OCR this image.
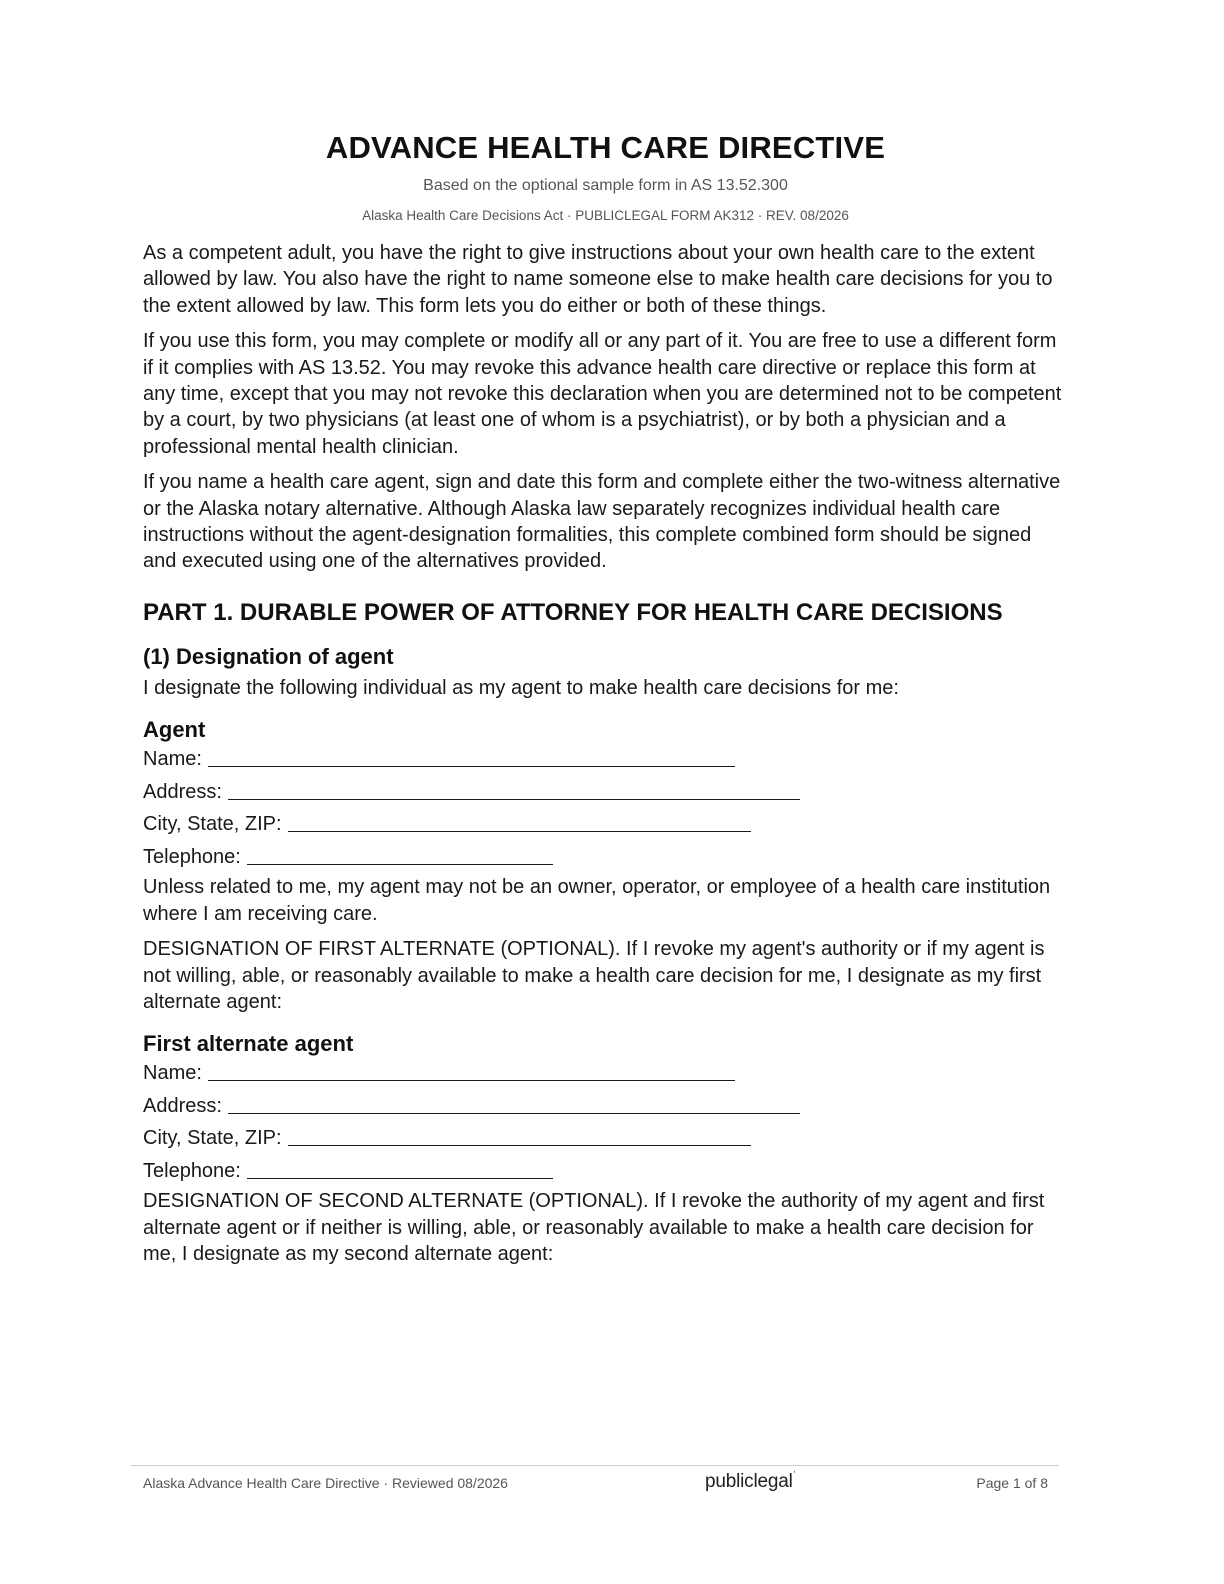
ADVANCE HEALTH CARE DIRECTIVE
Based on the optional sample form in AS 13.52.300
Alaska Health Care Decisions Act · PUBLICLEGAL FORM AK312 · REV. 08/2026

As a competent adult, you have the right to give instructions about your own health care to the extent allowed by law. You also have the right to name someone else to make health care decisions for you to the extent allowed by law. This form lets you do either or both of these things.

If you use this form, you may complete or modify all or any part of it. You are free to use a different form if it complies with AS 13.52. You may revoke this advance health care directive or replace this form at any time, except that you may not revoke this declaration when you are determined not to be competent by a court, by two physicians (at least one of whom is a psychiatrist), or by both a physician and a professional mental health clinician.

If you name a health care agent, sign and date this form and complete either the two-witness alternative or the Alaska notary alternative. Although Alaska law separately recognizes individual health care instructions without the agent-designation formalities, this complete combined form should be signed and executed using one of the alternatives provided.

PART 1. DURABLE POWER OF ATTORNEY FOR HEALTH CARE DECISIONS
(1) Designation of agent

I designate the following individual as my agent to make health care decisions for me:

Agent
Name:
Address:
City, State, ZIP:
Telephone:

Unless related to me, my agent may not be an owner, operator, or employee of a health care institution where I am receiving care.

DESIGNATION OF FIRST ALTERNATE (OPTIONAL). If I revoke my agent's authority or if my agent is not willing, able, or reasonably available to make a health care decision for me, I designate as my first alternate agent:

First alternate agent
Name:
Address:
City, State, ZIP:
Telephone:

DESIGNATION OF SECOND ALTERNATE (OPTIONAL). If I revoke the authority of my agent and first alternate agent or if neither is willing, able, or reasonably available to make a health care decision for me, I designate as my second alternate agent:

Alaska Advance Health Care Directive · Reviewed 08/2026	publiclegal'
Page 1 of 8
